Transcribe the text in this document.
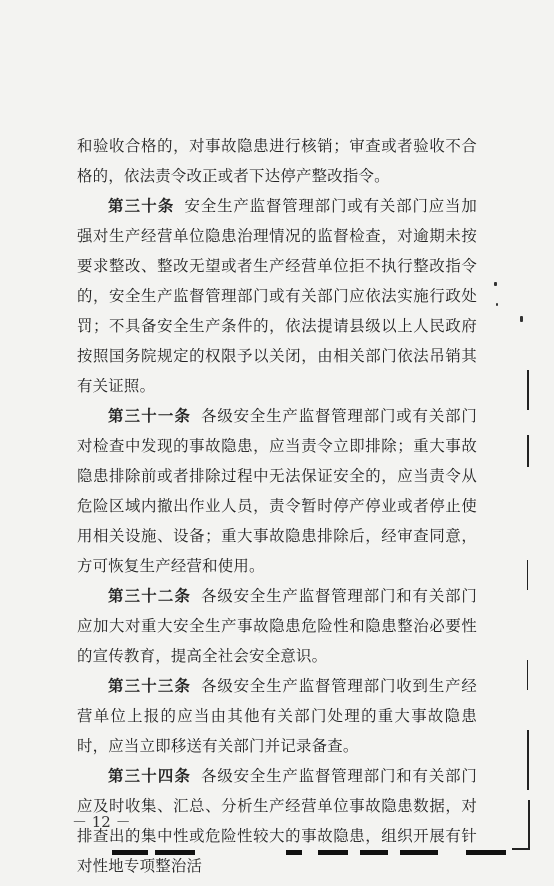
和验收合格的，对事故隐患进行核销；审查或者验收不合格的，依法责令改正或者下达停产整改指令。

第三十条 安全生产监督管理部门或有关部门应当加强对生产经营单位隐患治理情况的监督检查，对逾期未按要求整改、整改无望或者生产经营单位拒不执行整改指令的，安全生产监督管理部门或有关部门应依法实施行政处罚；不具备安全生产条件的，依法提请县级以上人民政府按照国务院规定的权限予以关闭，由相关部门依法吊销其有关证照。

第三十一条 各级安全生产监督管理部门或有关部门对检查中发现的事故隐患，应当责令立即排除；重大事故隐患排除前或者排除过程中无法保证安全的，应当责令从危险区域内撤出作业人员，责令暂时停产停业或者停止使用相关设施、设备；重大事故隐患排除后，经审查同意，方可恢复生产经营和使用。

第三十二条 各级安全生产监督管理部门和有关部门应加大对重大安全生产事故隐患危险性和隐患整治必要性的宣传教育，提高全社会安全意识。

第三十三条 各级安全生产监督管理部门收到生产经营单位上报的应当由其他有关部门处理的重大事故隐患时，应当立即移送有关部门并记录备查。

第三十四条 各级安全生产监督管理部门和有关部门应及时收集、汇总、分析生产经营单位事故隐患数据，对排查出的集中性或危险性较大的事故隐患，组织开展有针对性地专项整治活

－ 12 －
